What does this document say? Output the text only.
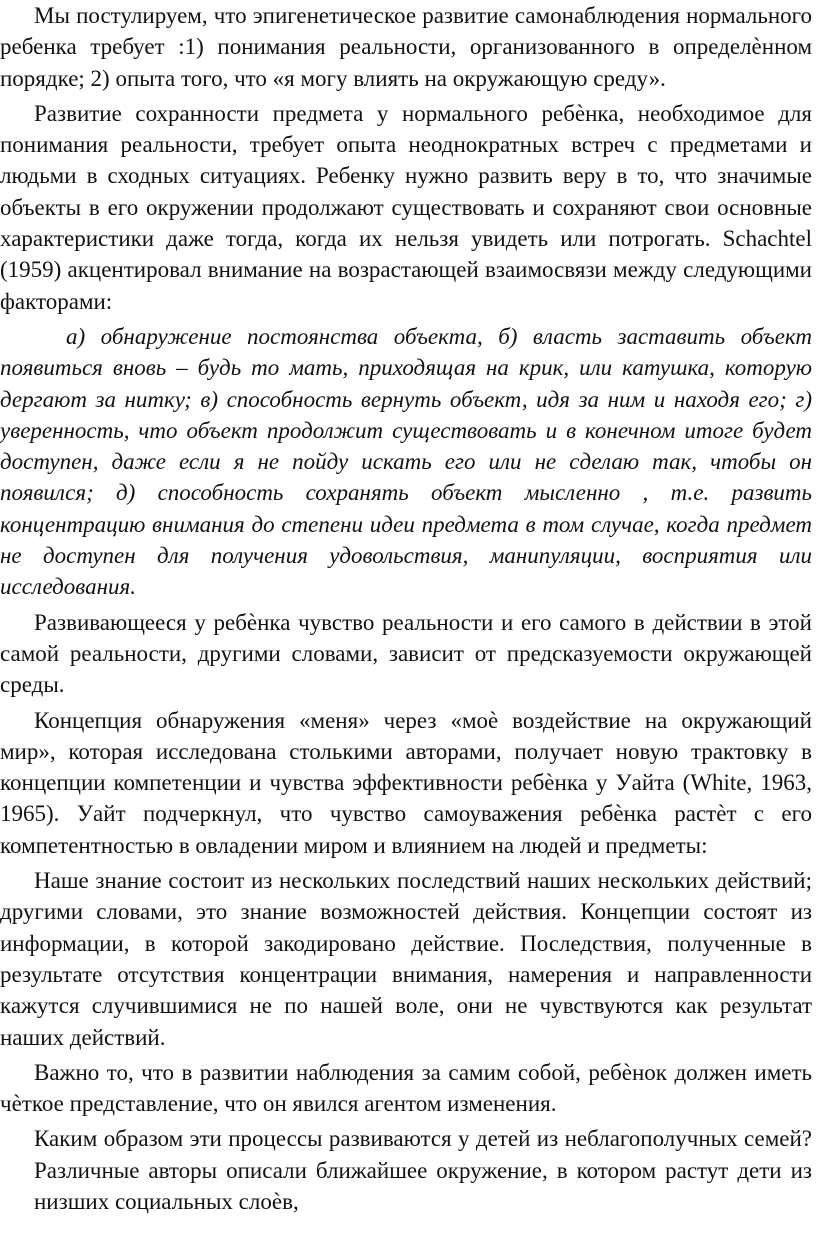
Мы постулируем, что эпигенетическое развитие самонаблюдения нормального ребенка требует :1) понимания реальности, организованного в определѐнном порядке; 2) опыта того, что «я могу влиять на окружающую среду».

Развитие сохранности предмета у нормального ребѐнка, необходимое для понимания реальности, требует опыта неоднократных встреч с предметами и людьми в сходных ситуациях. Ребенку нужно развить веру в то, что значимые объекты в его окружении продолжают существовать и сохраняют свои основные характеристики даже тогда, когда их нельзя увидеть или потрогать. Schachtel (1959) акцентировал внимание на возрастающей взаимосвязи между следующими факторами:

а) обнаружение постоянства объекта, б) власть заставить объект появиться вновь – будь то мать, приходящая на крик, или катушка, которую дергают за нитку; в) способность вернуть объект, идя за ним и находя его; г) уверенность, что объект продолжит существовать и в конечном итоге будет доступен, даже если я не пойду искать его или не сделаю так, чтобы он появился; д) способность сохранять объект мысленно , т.е. развить концентрацию внимания до степени идеи предмета в том случае, когда предмет не доступен для получения удовольствия, манипуляции, восприятия или исследования.

Развивающееся у ребѐнка чувство реальности и его самого в действии в этой самой реальности, другими словами, зависит от предсказуемости окружающей среды.

Концепция обнаружения «меня» через «моѐ воздействие на окружающий мир», которая исследована столькими авторами, получает новую трактовку в концепции компетенции и чувства эффективности ребѐнка у Уайта (White, 1963, 1965). Уайт подчеркнул, что чувство самоуважения ребѐнка растѐт с его компетентностью в овладении миром и влиянием на людей и предметы:

Наше знание состоит из нескольких последствий наших нескольких действий; другими словами, это знание возможностей действия. Концепции состоят из информации, в которой закодировано действие. Последствия, полученные в результате отсутствия концентрации внимания, намерения и направленности кажутся случившимися не по нашей воле, они не чувствуются как результат наших действий.

Важно то, что в развитии наблюдения за самим собой, ребѐнок должен иметь чѐткое представление, что он явился агентом изменения.

Каким образом эти процессы развиваются у детей из неблагополучных семей? Различные авторы описали ближайшее окружение, в котором растут дети из низших социальных слоѐв,
